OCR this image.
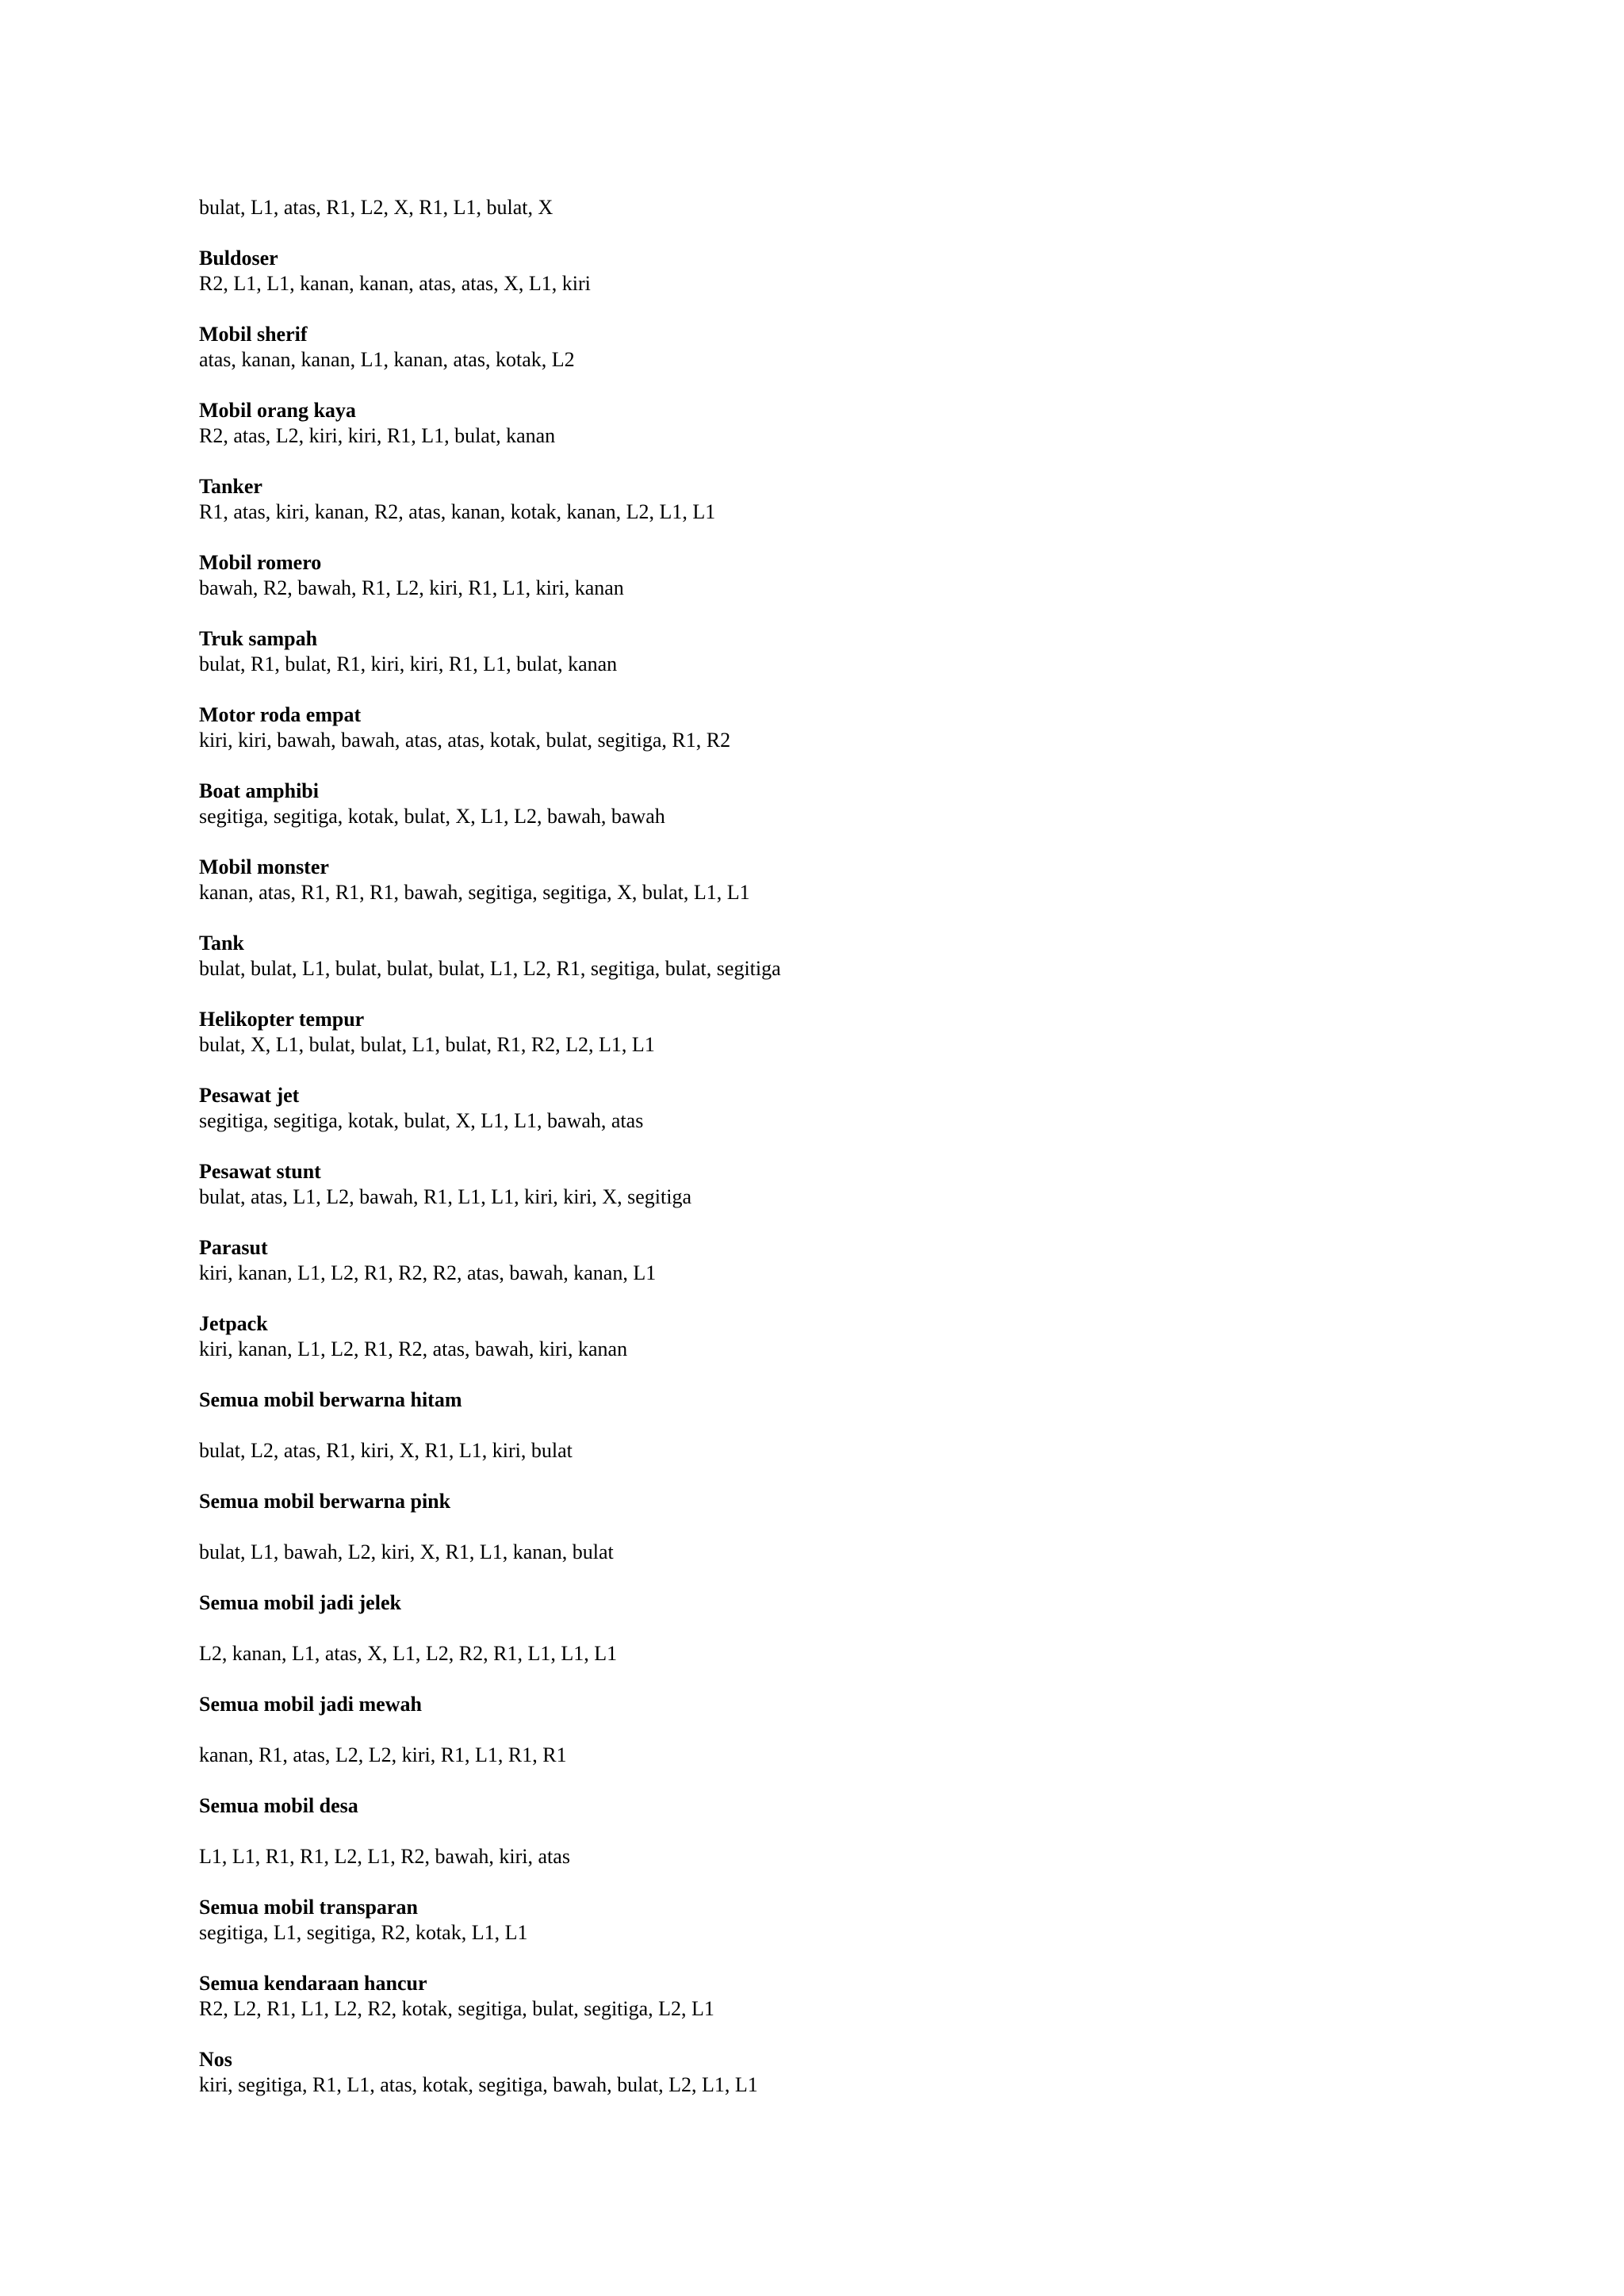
bulat, L1, atas, R1, L2, X, R1, L1, bulat, X
Buldoser
R2, L1, L1, kanan, kanan, atas, atas, X, L1, kiri
Mobil sherif
atas, kanan, kanan, L1, kanan, atas, kotak, L2
Mobil orang kaya
R2, atas, L2, kiri, kiri, R1, L1, bulat, kanan
Tanker
R1, atas, kiri, kanan, R2, atas, kanan, kotak, kanan, L2, L1, L1
Mobil romero
bawah, R2, bawah, R1, L2, kiri, R1, L1, kiri, kanan
Truk sampah
bulat, R1, bulat, R1, kiri, kiri, R1, L1, bulat, kanan
Motor roda empat
kiri, kiri, bawah, bawah, atas, atas, kotak, bulat, segitiga, R1, R2
Boat amphibi
segitiga, segitiga, kotak, bulat, X, L1, L2, bawah, bawah
Mobil monster
kanan, atas, R1, R1, R1, bawah, segitiga, segitiga, X, bulat, L1, L1
Tank
bulat, bulat, L1, bulat, bulat, bulat, L1, L2, R1, segitiga, bulat, segitiga
Helikopter tempur
bulat, X, L1, bulat, bulat, L1, bulat, R1, R2, L2, L1, L1
Pesawat jet
segitiga, segitiga, kotak, bulat, X, L1, L1, bawah, atas
Pesawat stunt
bulat, atas, L1, L2, bawah, R1, L1, L1, kiri, kiri, X, segitiga
Parasut
kiri, kanan, L1, L2, R1, R2, R2, atas, bawah, kanan, L1
Jetpack
kiri, kanan, L1, L2, R1, R2, atas, bawah, kiri, kanan
Semua mobil berwarna hitam
bulat, L2, atas, R1, kiri, X, R1, L1, kiri, bulat
Semua mobil berwarna pink
bulat, L1, bawah, L2, kiri, X, R1, L1, kanan, bulat
Semua mobil jadi jelek
L2, kanan, L1, atas, X, L1, L2, R2, R1, L1, L1, L1
Semua mobil jadi mewah
kanan, R1, atas, L2, L2, kiri, R1, L1, R1, R1
Semua mobil desa
L1, L1, R1, R1, L2, L1, R2, bawah, kiri, atas
Semua mobil transparan
segitiga, L1, segitiga, R2, kotak, L1, L1
Semua kendaraan hancur
R2, L2, R1, L1, L2, R2, kotak, segitiga, bulat, segitiga, L2, L1
Nos
kiri, segitiga, R1, L1, atas, kotak, segitiga, bawah, bulat, L2, L1, L1
